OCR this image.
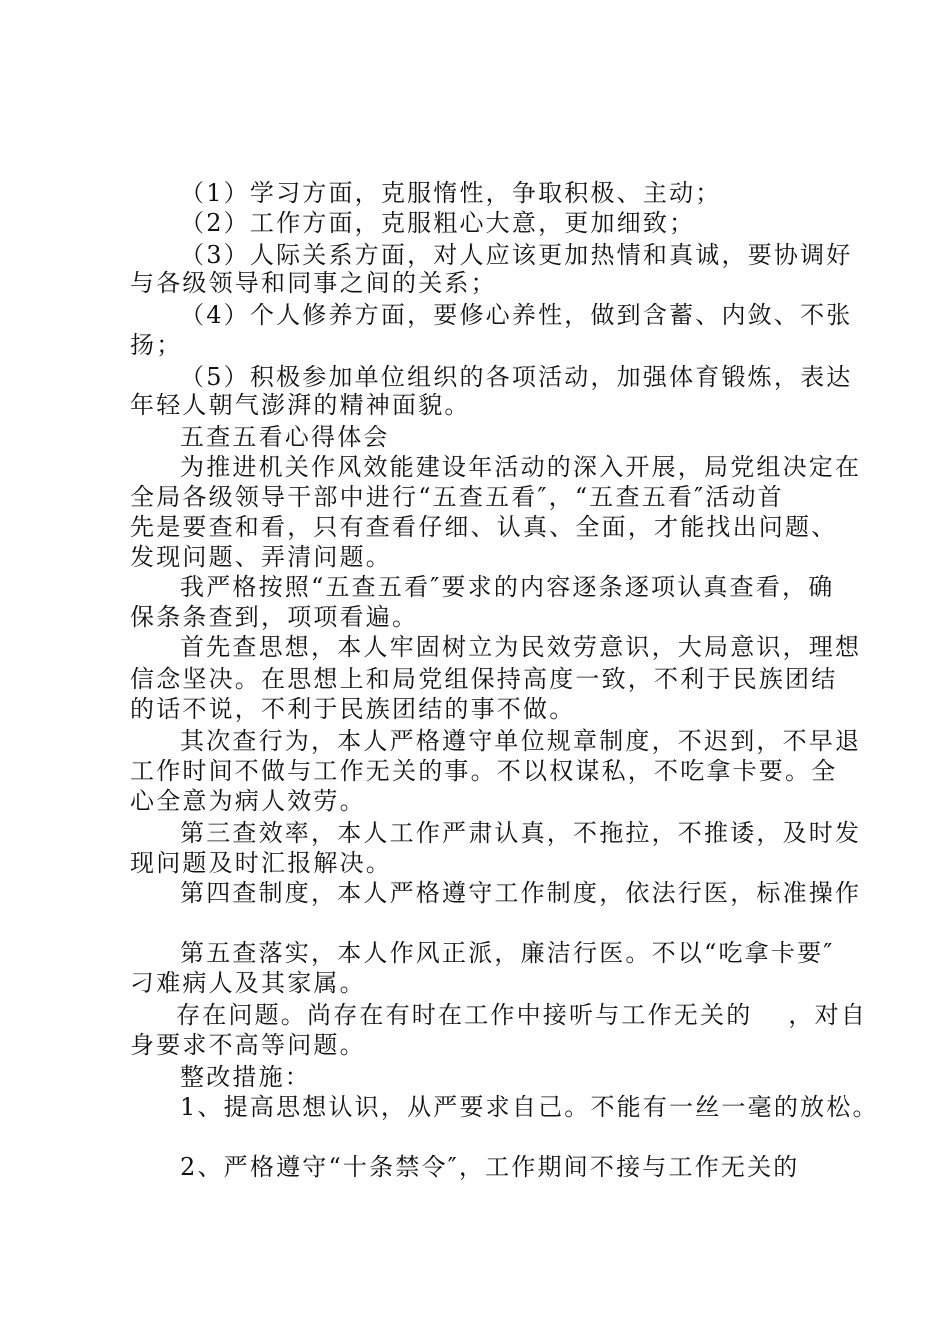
（1）学习方面，克服惰性，争取积极、主动；
（2）工作方面，克服粗心大意，更加细致；
（3）人际关系方面，对人应该更加热情和真诚，要协调好
与各级领导和同事之间的关系；
（4）个人修养方面，要修心养性，做到含蓄、内敛、不张
扬；
（5）积极参加单位组织的各项活动，加强体育锻炼，表达
年轻人朝气澎湃的精神面貌。
五查五看心得体会
为推进机关作风效能建设年活动的深入开展，局党组决定在
全局各级领导干部中进行“五查五看″，“五查五看″活动首
先是要查和看，只有查看仔细、认真、全面，才能找出问题、
发现问题、弄清问题。
我严格按照“五查五看″要求的内容逐条逐项认真查看，确
保条条查到，项项看遍。
首先查思想，本人牢固树立为民效劳意识，大局意识，理想
信念坚决。在思想上和局党组保持高度一致，不利于民族团结
的话不说，不利于民族团结的事不做。
其次查行为，本人严格遵守单位规章制度，不迟到，不早退
工作时间不做与工作无关的事。不以权谋私，不吃拿卡要。全
心全意为病人效劳。
第三查效率，本人工作严肃认真，不拖拉，不推诿，及时发
现问题及时汇报解决。
第四查制度，本人严格遵守工作制度，依法行医，标准操作
第五查落实，本人作风正派，廉洁行医。不以“吃拿卡要″
刁难病人及其家属。
存在问题。尚存在有时在工作中接听与工作无关的　 ，对自
身要求不高等问题。
整改措施：
1、提高思想认识，从严要求自己。不能有一丝一毫的放松。
2、严格遵守“十条禁令″，工作期间不接与工作无关的
